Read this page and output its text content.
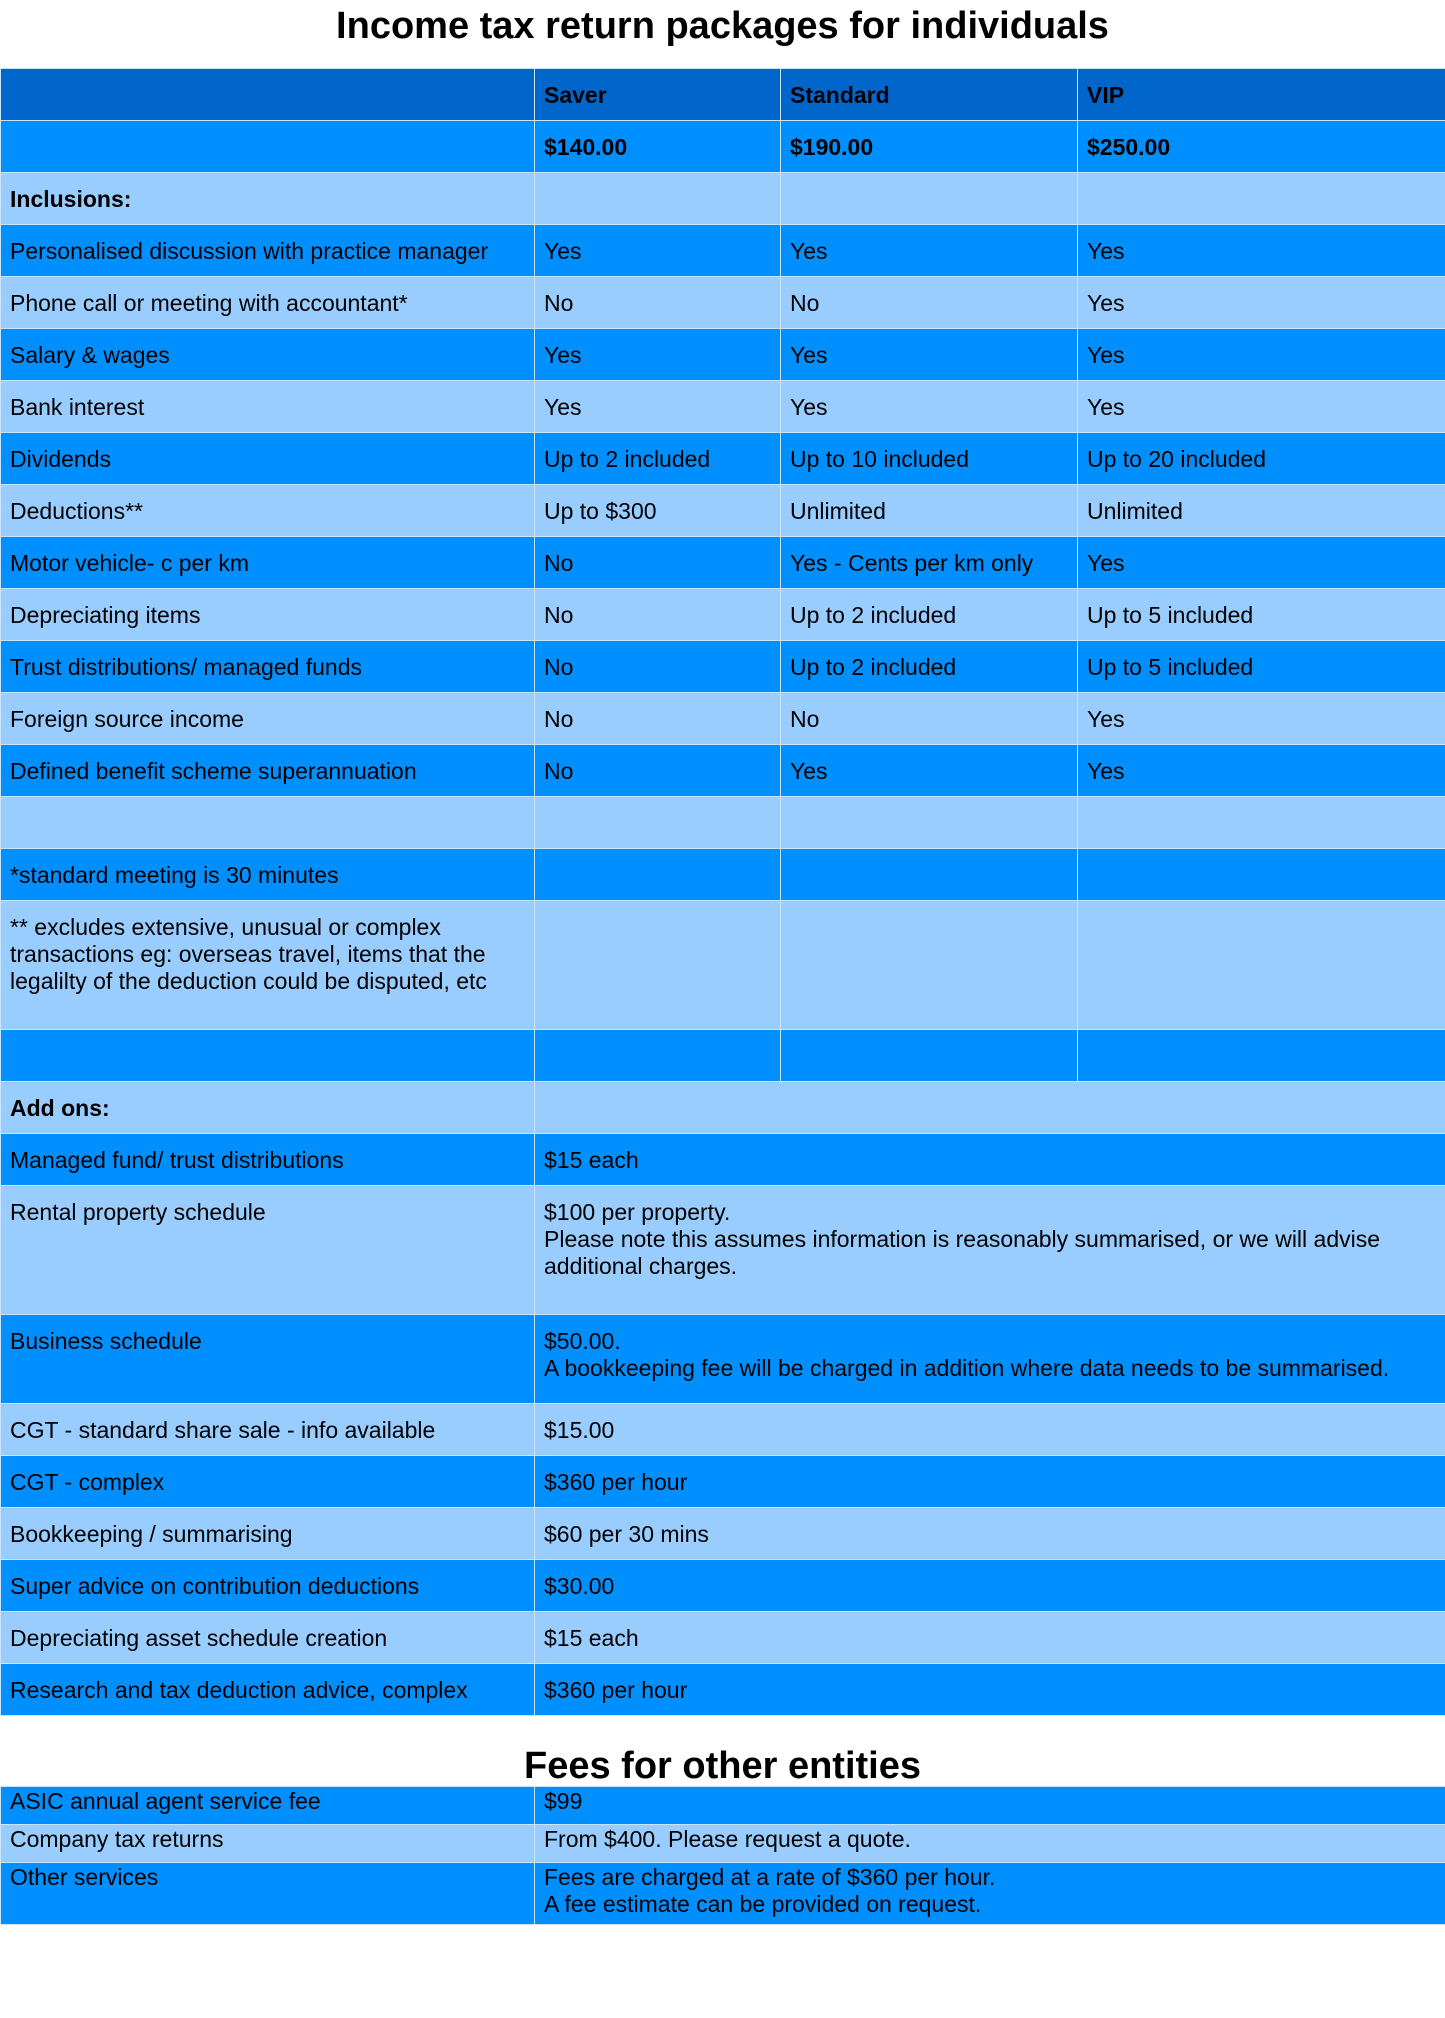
Income tax return packages for individuals
	Saver	Standard	VIP
	$140.00	$190.00	$250.00
Inclusions:			
Personalised discussion with practice manager	Yes	Yes	Yes
Phone call or meeting with accountant*	No	No	Yes
Salary & wages	Yes	Yes	Yes
Bank interest	Yes	Yes	Yes
Dividends	Up to 2 included	Up to 10 included	Up to 20 included
Deductions**	Up to $300	Unlimited	Unlimited
Motor vehicle- c per km	No	Yes - Cents per km only	Yes
Depreciating items	No	Up to 2 included	Up to 5 included
Trust distributions/ managed funds	No	Up to 2 included	Up to 5 included
Foreign source income	No	No	Yes
Defined benefit scheme superannuation	No	Yes	Yes

*standard meeting is 30 minutes			
** excludes extensive, unusual or complex transactions eg: overseas travel, items that the legalilty of the deduction could be disputed, etc			

Add ons:			
Managed fund/ trust distributions	$15 each		
Rental property schedule	$100 per property.
Please note this assumes information is reasonably summarised, or we will advise additional charges.		
Business schedule	$50.00.
A bookkeeping fee will be charged in addition where data needs to be summarised.		
CGT - standard share sale - info available	$15.00		
CGT - complex	$360 per hour		
Bookkeeping / summarising	$60 per 30 mins		
Super advice on contribution deductions	$30.00		
Depreciating asset schedule creation	$15 each		
Research and tax deduction advice, complex	$360 per hour		
Fees for other entities
ASIC annual agent service fee	$99
Company tax returns	From $400. Please request a quote.
Other services	Fees are charged at a rate of $360 per hour.
A fee estimate can be provided on request.
